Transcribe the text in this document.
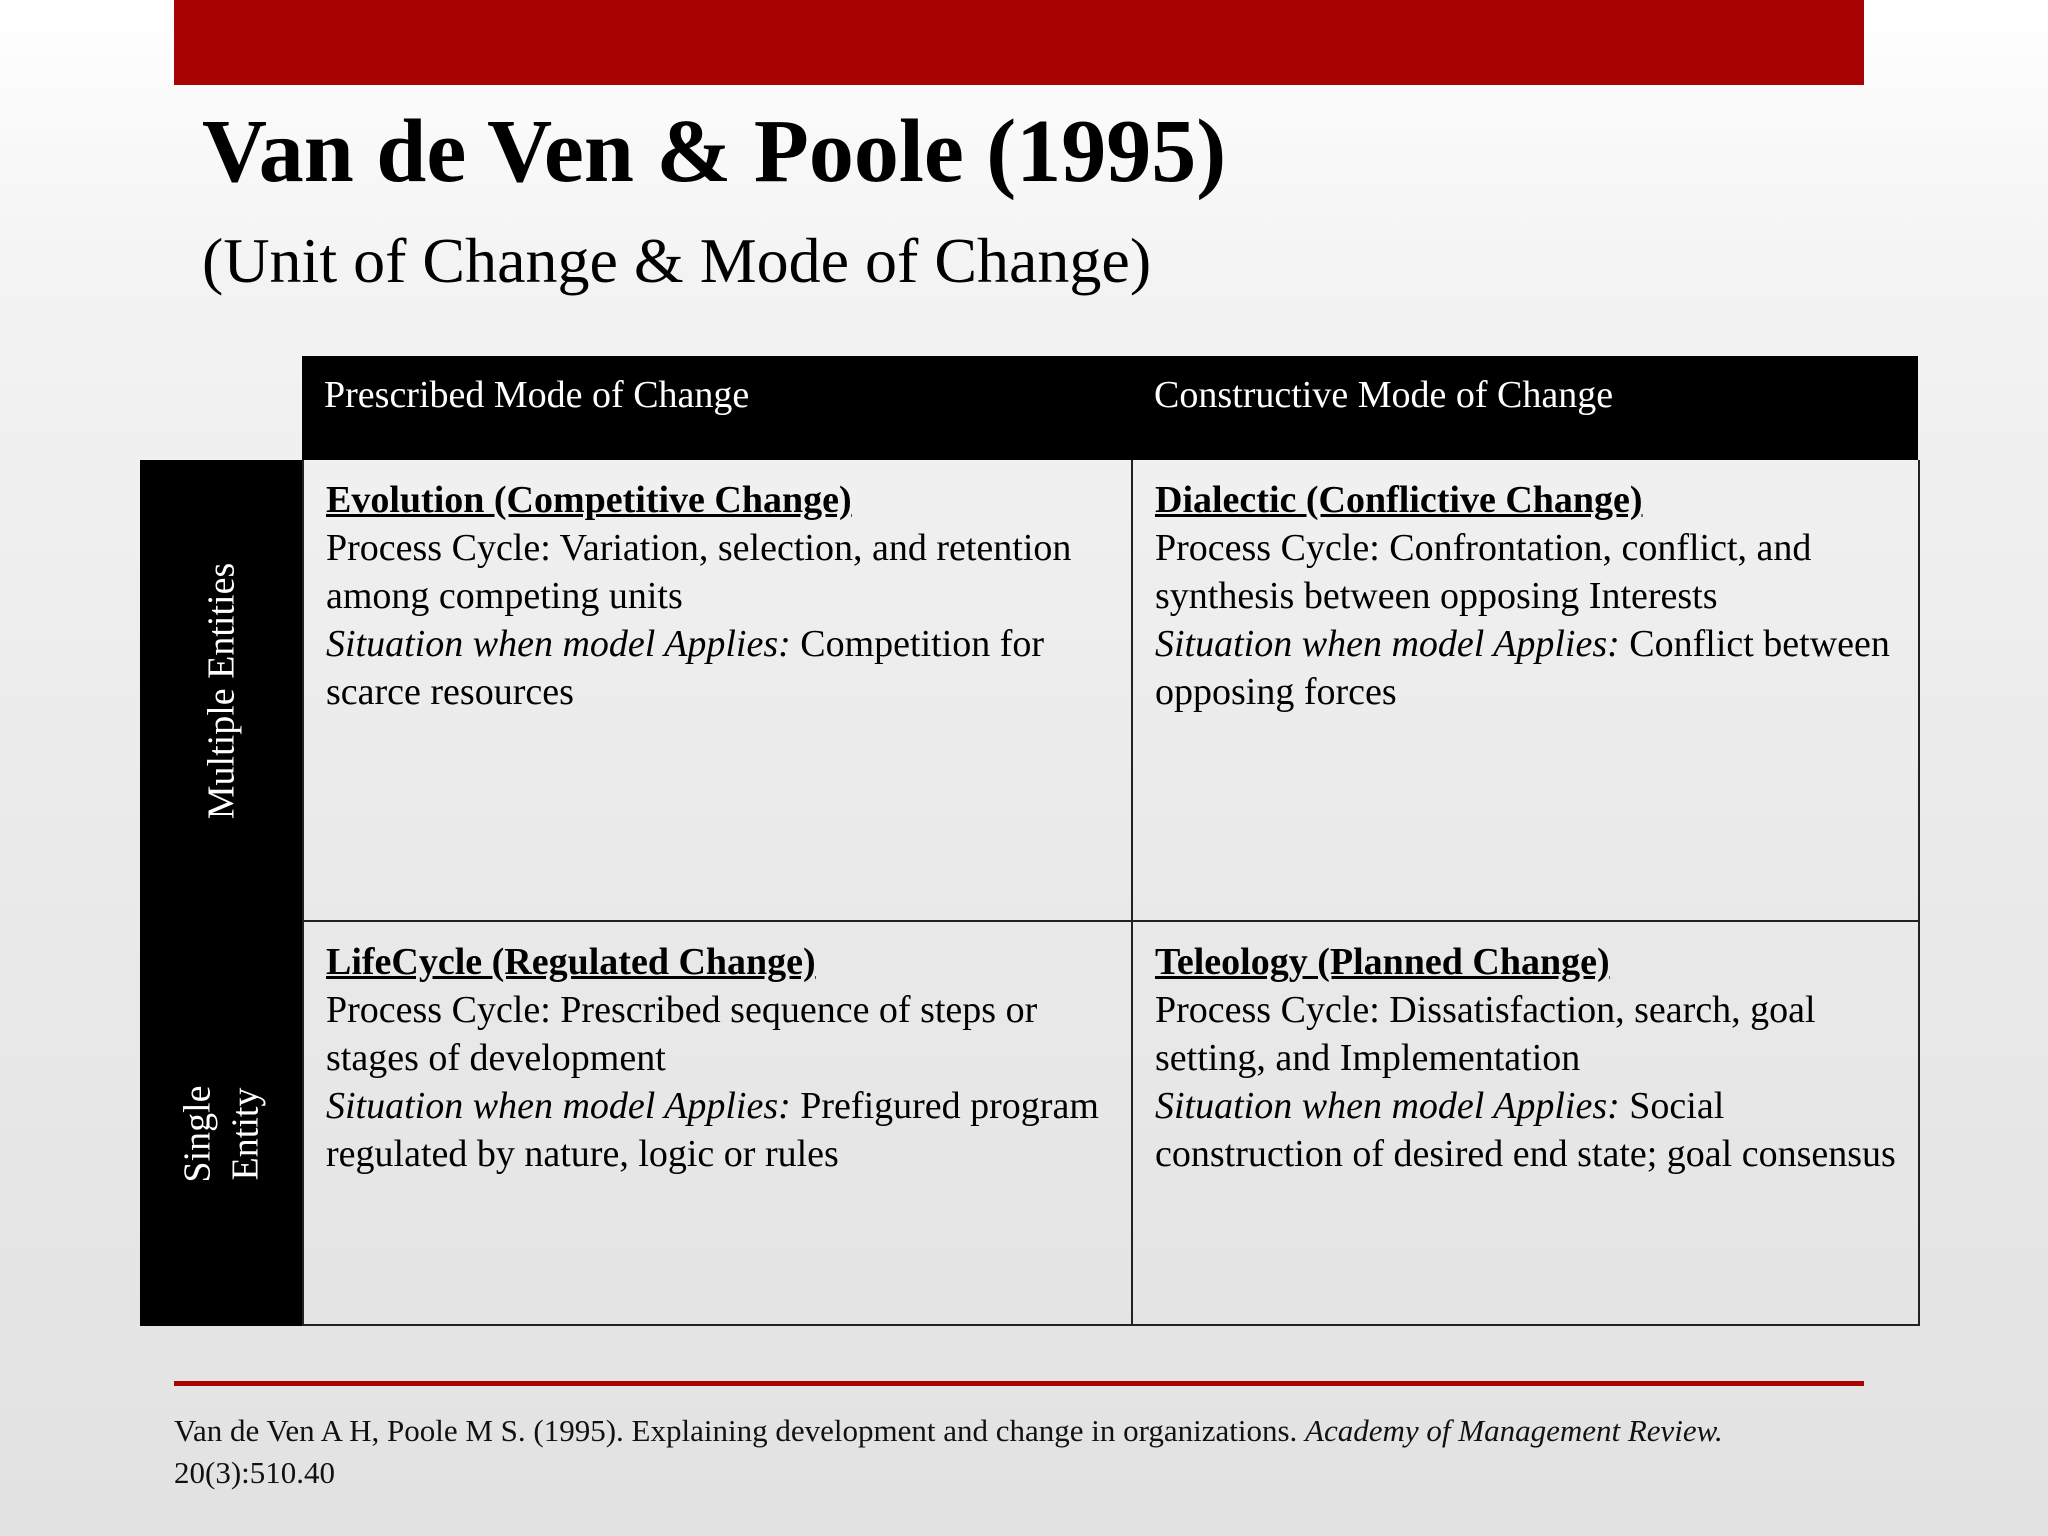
Van de Ven & Poole (1995)
(Unit of Change & Mode of Change)
Prescribed Mode of Change	Constructive Mode of Change
Multiple Entities
Single Entity
Evolution (Competitive Change)
Process Cycle: Variation, selection, and retention among competing units
Situation when model Applies: Competition for scarce resources
Dialectic (Conflictive Change)
Process Cycle: Confrontation, conflict, and synthesis between opposing Interests
Situation when model Applies: Conflict between opposing forces
LifeCycle (Regulated Change)
Process Cycle: Prescribed sequence of steps or stages of development
Situation when model Applies: Prefigured program regulated by nature, logic or rules
Teleology (Planned Change)
Process Cycle: Dissatisfaction, search, goal setting, and Implementation
Situation when model Applies: Social construction of desired end state; goal consensus
Van de Ven A H, Poole M S. (1995). Explaining development and change in organizations. Academy of Management Review.
20(3):510.40
